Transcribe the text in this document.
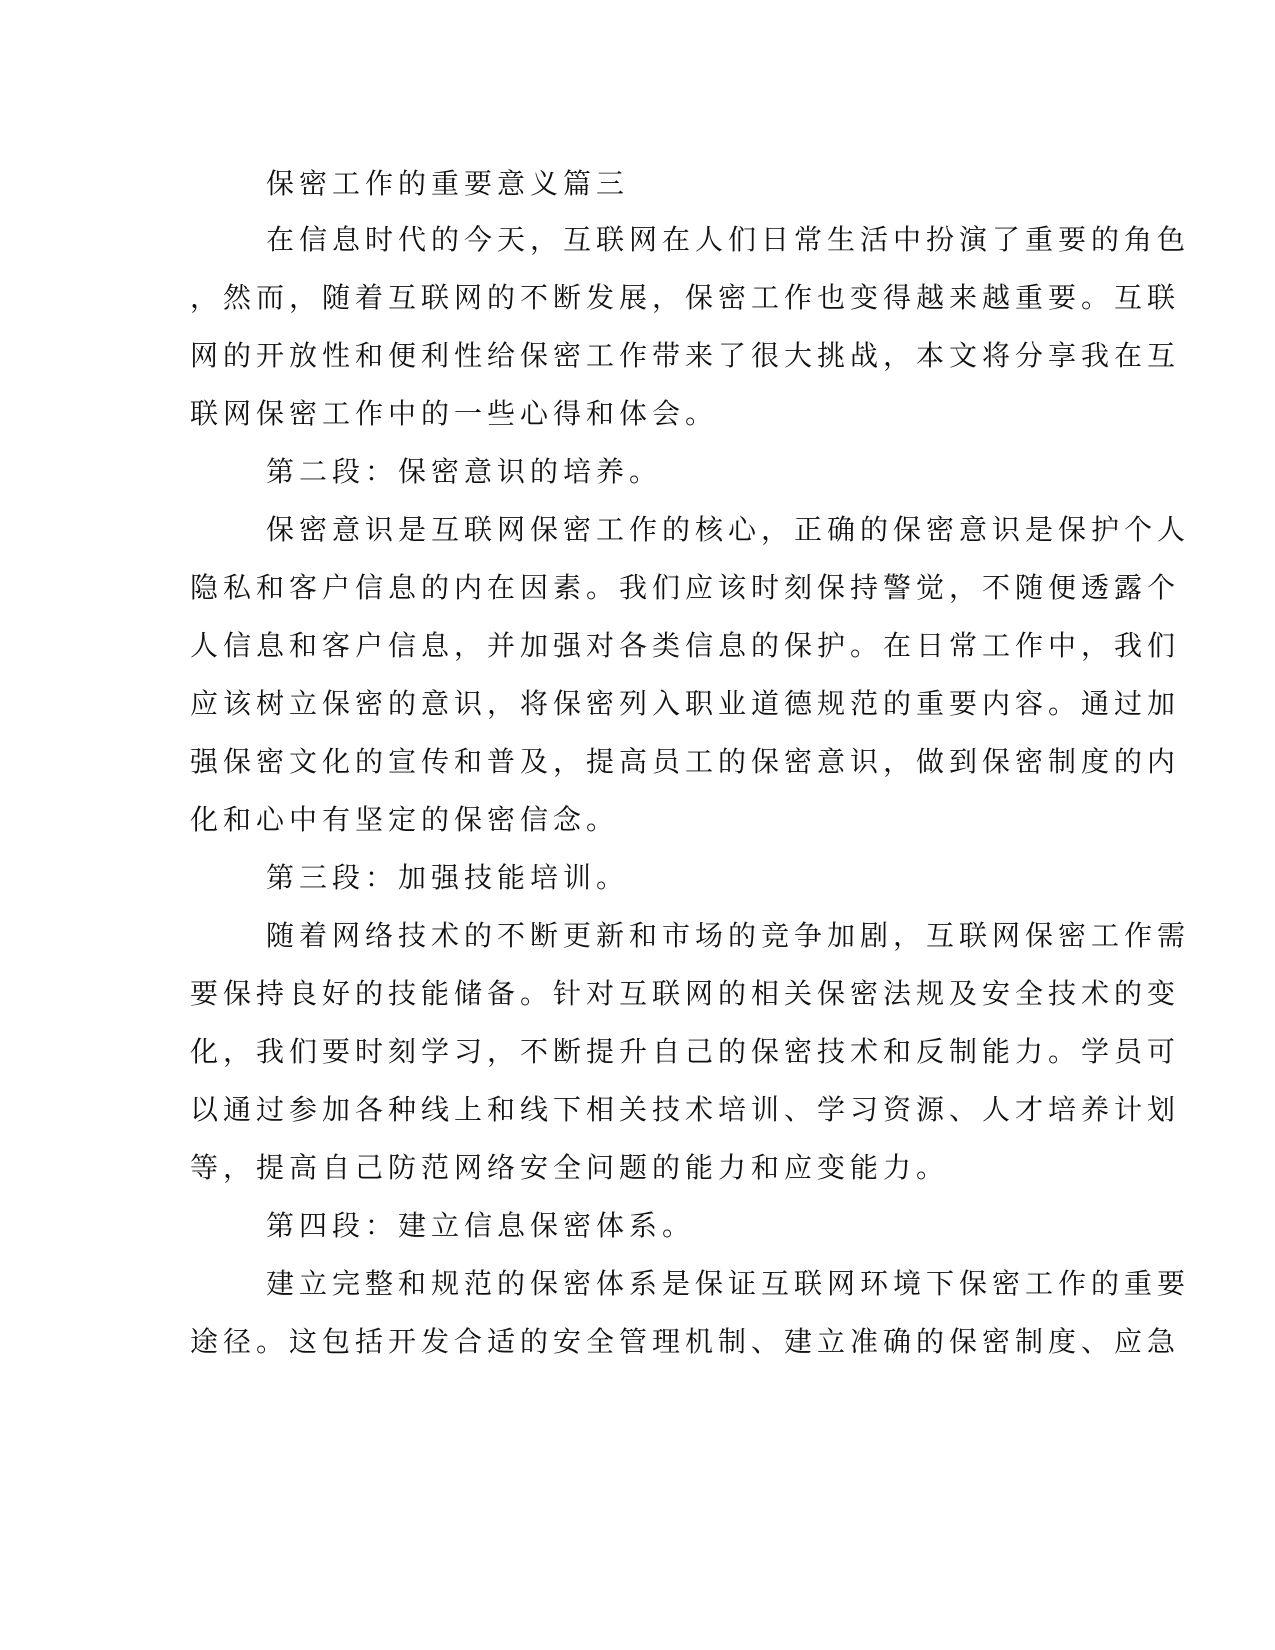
保密工作的重要意义篇三

在信息时代的今天，互联网在人们日常生活中扮演了重要的角色

，然而，随着互联网的不断发展，保密工作也变得越来越重要。互联

网的开放性和便利性给保密工作带来了很大挑战，本文将分享我在互

联网保密工作中的一些心得和体会。

第二段：保密意识的培养。

保密意识是互联网保密工作的核心，正确的保密意识是保护个人

隐私和客户信息的内在因素。我们应该时刻保持警觉，不随便透露个

人信息和客户信息，并加强对各类信息的保护。在日常工作中，我们

应该树立保密的意识，将保密列入职业道德规范的重要内容。通过加

强保密文化的宣传和普及，提高员工的保密意识，做到保密制度的内

化和心中有坚定的保密信念。

第三段：加强技能培训。

随着网络技术的不断更新和市场的竞争加剧，互联网保密工作需

要保持良好的技能储备。针对互联网的相关保密法规及安全技术的变

化，我们要时刻学习，不断提升自己的保密技术和反制能力。学员可

以通过参加各种线上和线下相关技术培训、学习资源、人才培养计划

等，提高自己防范网络安全问题的能力和应变能力。

第四段：建立信息保密体系。

建立完整和规范的保密体系是保证互联网环境下保密工作的重要

途径。这包括开发合适的安全管理机制、建立准确的保密制度、应急
